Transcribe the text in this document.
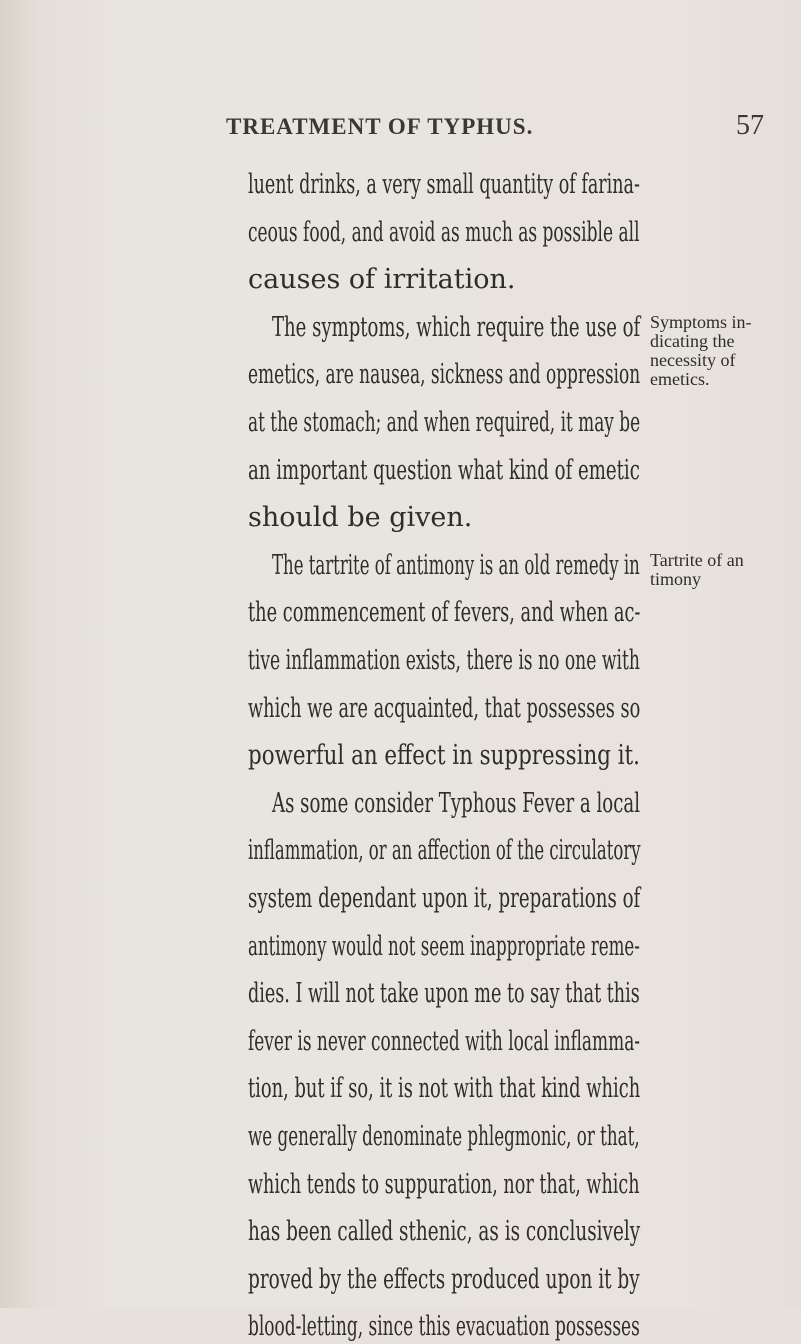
TREATMENT OF TYPHUS.	57
luent drinks, a very small quantity of farina-
ceous food, and avoid as much as possible all
causes of irritation.
The symptoms, which require the use of
emetics, are nausea, sickness and oppression
at the stomach; and when required, it may be
an important question what kind of emetic
should be given.
The tartrite of antimony is an old remedy in
the commencement of fevers, and when ac-
tive inflammation exists, there is no one with
which we are acquainted, that possesses so
powerful an effect in suppressing it.
As some consider Typhous Fever a local
inflammation, or an affection of the circulatory
system dependant upon it, preparations of
antimony would not seem inappropriate reme-
dies. I will not take upon me to say that this
fever is never connected with local inflamma-
tion, but if so, it is not with that kind which
Symptoms in-
dicating the
necessity of
emetics.
Tartrite of an
timony
we generally denominate phlegmonic, or that,
which tends to suppuration, nor that, which
has been called sthenic, as is conclusively
proved by the effects produced upon it by
blood-letting, since this evacuation possesses
